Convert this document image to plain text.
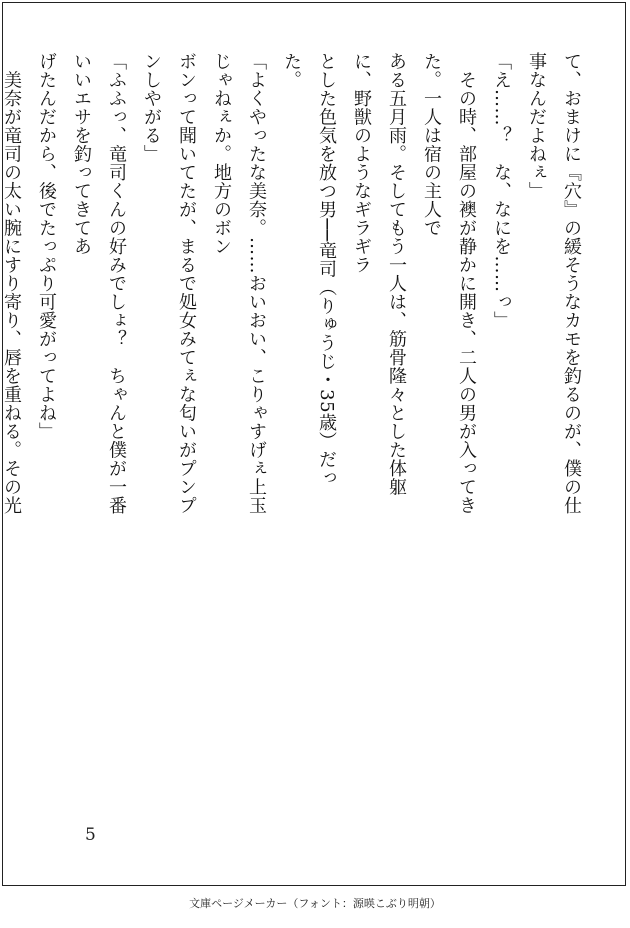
て、おまけに『穴』の緩そうなカモを釣るのが、僕の仕事なんだよねぇ」

「え……？　な、なにを……っ」

　その時、部屋の襖が静かに開き、二人の男が入ってきた。一人は宿の主人で

ある五月雨。そしてもう一人は、筋骨隆々とした体躯に、野獣のようなギラギラ

とした色気を放つ男──竜司（りゅうじ・35歳）だった。

「よくやったな美奈。……おいおい、こりゃすげぇ上玉じゃねぇか。地方のボン

ボンって聞いてたが、まるで処女みてぇな匂いがプンプンしやがる」

「ふふっ、竜司くんの好みでしょ？　ちゃんと僕が一番いいエサを釣ってきてあ

げたんだから、後でたっぷり可愛がってよね」

　美奈が竜司の太い腕にすり寄り、唇を重ねる。その光

5
文庫ページメーカー（フォント：源暎こぶり明朝）
